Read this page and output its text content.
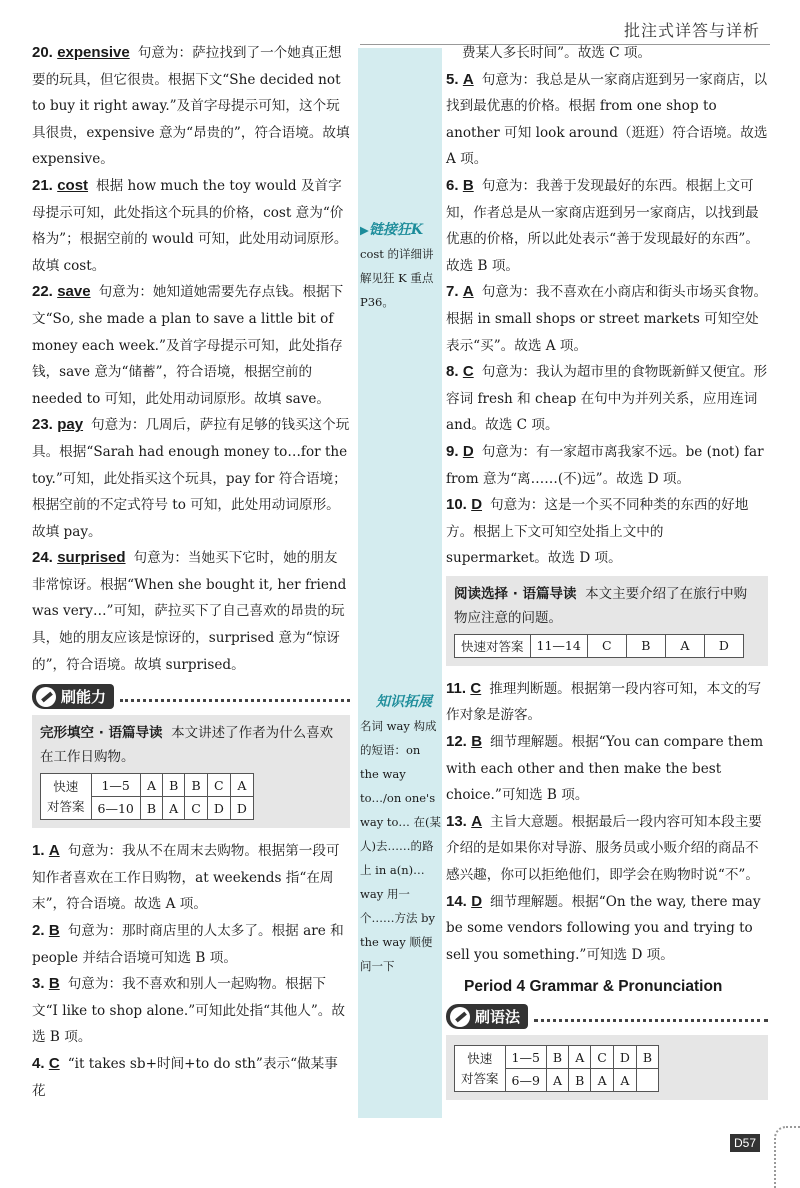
批注式详答与详析

20. expensive 句意为：萨拉找到了一个她真正想要的玩具，但它很贵。根据下文“She decided not to buy it right away.”及首字母提示可知，这个玩具很贵，expensive 意为“昂贵的”，符合语境。故填 expensive。

21. cost 根据 how much the toy would 及首字母提示可知，此处指这个玩具的价格，cost 意为“价格为”；根据空前的 would 可知，此处用动词原形。故填 cost。

22. save 句意为：她知道她需要先存点钱。根据下文“So, she made a plan to save a little bit of money each week.”及首字母提示可知，此处指存钱，save 意为“储蓄”，符合语境，根据空前的 needed to 可知，此处用动词原形。故填 save。

23. pay 句意为：几周后，萨拉有足够的钱买这个玩具。根据“Sarah had enough money to…for the toy.”可知，此处指买这个玩具，pay for 符合语境；根据空前的不定式符号 to 可知，此处用动词原形。故填 pay。

24. surprised 句意为：当她买下它时，她的朋友非常惊讶。根据“When she bought it, her friend was very…”可知，萨拉买下了自己喜欢的昂贵的玩具，她的朋友应该是惊讶的，surprised 意为“惊讶的”，符合语境。故填 surprised。

刷能力
完形填空 · 语篇导读 本文讲述了作者为什么喜欢在工作日购物。
快速
对答案	1—5	A	B	B	C	A
	6—10	B	A	C	D	D

1. A 句意为：我从不在周末去购物。根据第一段可知作者喜欢在工作日购物，at weekends 指“在周末”，符合语境。故选 A 项。

2. B 句意为：那时商店里的人太多了。根据 are 和 people 并结合语境可知选 B 项。

3. B 句意为：我不喜欢和别人一起购物。根据下文“I like to shop alone.”可知此处指“其他人”。故选 B 项。

4. C “it takes sb+时间+to do sth”表示“做某事花

▶链接狂K
cost 的详细讲解见狂 K 重点 P36。
知识拓展
名词 way 构成的短语：on the way to…/on one's way to… 在(某人)去……的路上 in a(n)… way 用一个……方法 by the way 顺便问一下

费某人多长时间”。故选 C 项。

5. A 句意为：我总是从一家商店逛到另一家商店，以找到最优惠的价格。根据 from one shop to another 可知 look around（逛逛）符合语境。故选 A 项。

6. B 句意为：我善于发现最好的东西。根据上文可知，作者总是从一家商店逛到另一家商店，以找到最优惠的价格，所以此处表示“善于发现最好的东西”。故选 B 项。

7. A 句意为：我不喜欢在小商店和街头市场买食物。根据 in small shops or street markets 可知空处表示“买”。故选 A 项。

8. C 句意为：我认为超市里的食物既新鲜又便宜。形容词 fresh 和 cheap 在句中为并列关系，应用连词 and。故选 C 项。

9. D 句意为：有一家超市离我家不远。be (not) far from 意为“离……(不)远”。故选 D 项。

10. D 句意为：这是一个买不同种类的东西的好地方。根据上下文可知空处指上文中的 supermarket。故选 D 项。

阅读选择 · 语篇导读 本文主要介绍了在旅行中购物应注意的问题。
快速对答案	11—14	C	B	A	D

11. C 推理判断题。根据第一段内容可知，本文的写作对象是游客。

12. B 细节理解题。根据“You can compare them with each other and then make the best choice.”可知选 B 项。

13. A 主旨大意题。根据最后一段内容可知本段主要介绍的是如果你对导游、服务员或小贩介绍的商品不感兴趣，你可以拒绝他们，即学会在购物时说“不”。

14. D 细节理解题。根据“On the way, there may be some vendors following you and trying to sell you something.”可知选 D 项。

Period 4 Grammar & Pronunciation
刷语法
快速
对答案	1—5	B	A	C	D	B
	6—9	A	B	A	A	
D57
